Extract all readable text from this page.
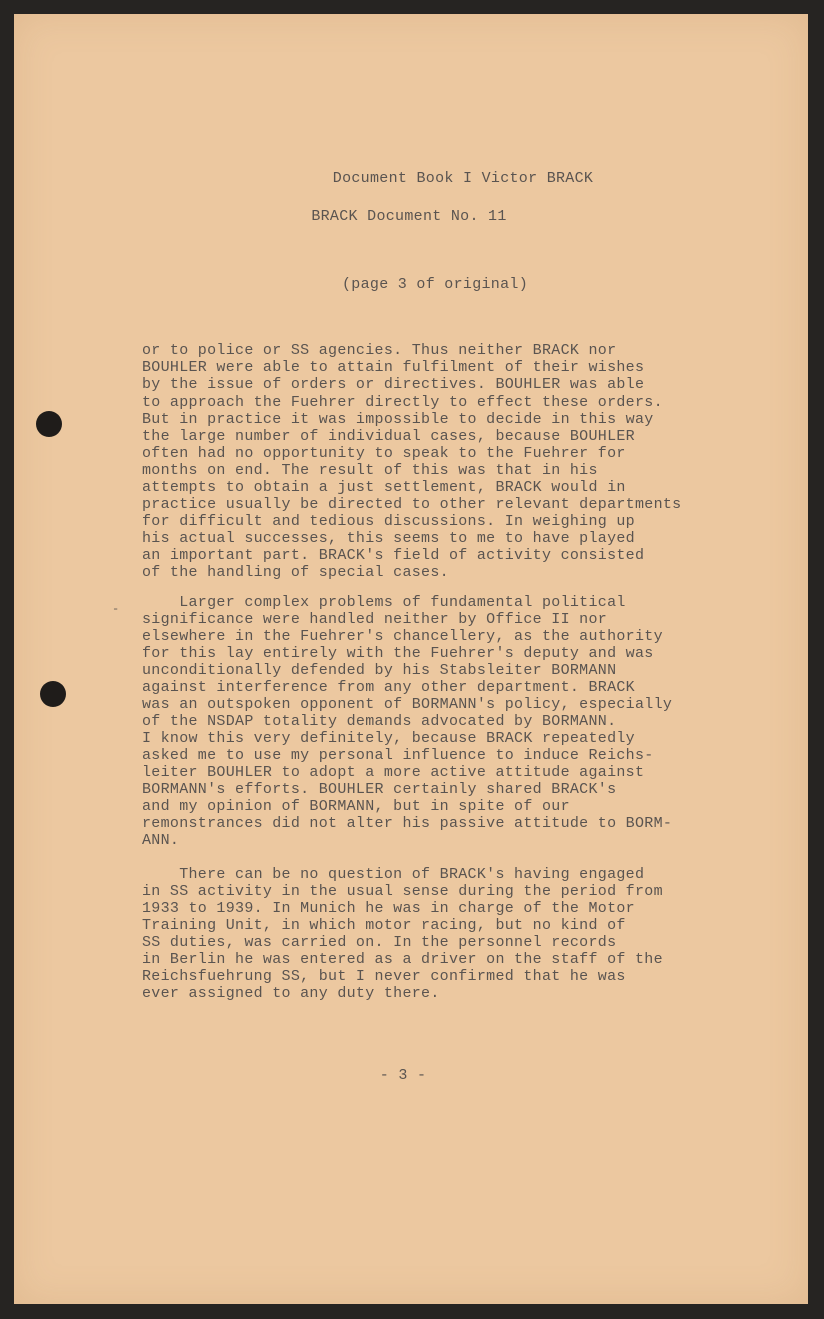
-
Document Book I Victor BRACK
BRACK Document No. 11
(page 3 of original)
or to police or SS agencies. Thus neither BRACK nor
BOUHLER were able to attain fulfilment of their wishes
by the issue of orders or directives. BOUHLER was able
to approach the Fuehrer directly to effect these orders.
But in practice it was impossible to decide in this way
the large number of individual cases, because BOUHLER
often had no opportunity to speak to the Fuehrer for
months on end. The result of this was that in his
attempts to obtain a just settlement, BRACK would in
practice usually be directed to other relevant departments
for difficult and tedious discussions. In weighing up
his actual successes, this seems to me to have played
an important part. BRACK's field of activity consisted
of the handling of special cases.
Larger complex problems of fundamental political
significance were handled neither by Office II nor
elsewhere in the Fuehrer's chancellery, as the authority
for this lay entirely with the Fuehrer's deputy and was
unconditionally defended by his Stabsleiter BORMANN
against interference from any other department. BRACK
was an outspoken opponent of BORMANN's policy, especially
of the NSDAP totality demands advocated by BORMANN.
I know this very definitely, because BRACK repeatedly
asked me to use my personal influence to induce Reichs-
leiter BOUHLER to adopt a more active attitude against
BORMANN's efforts. BOUHLER certainly shared BRACK's
and my opinion of BORMANN, but in spite of our
remonstrances did not alter his passive attitude to BORM-
ANN.
There can be no question of BRACK's having engaged
in SS activity in the usual sense during the period from
1933 to 1939. In Munich he was in charge of the Motor
Training Unit, in which motor racing, but no kind of
SS duties, was carried on. In the personnel records
in Berlin he was entered as a driver on the staff of the
Reichsfuehrung SS, but I never confirmed that he was
ever assigned to any duty there.
- 3 -
